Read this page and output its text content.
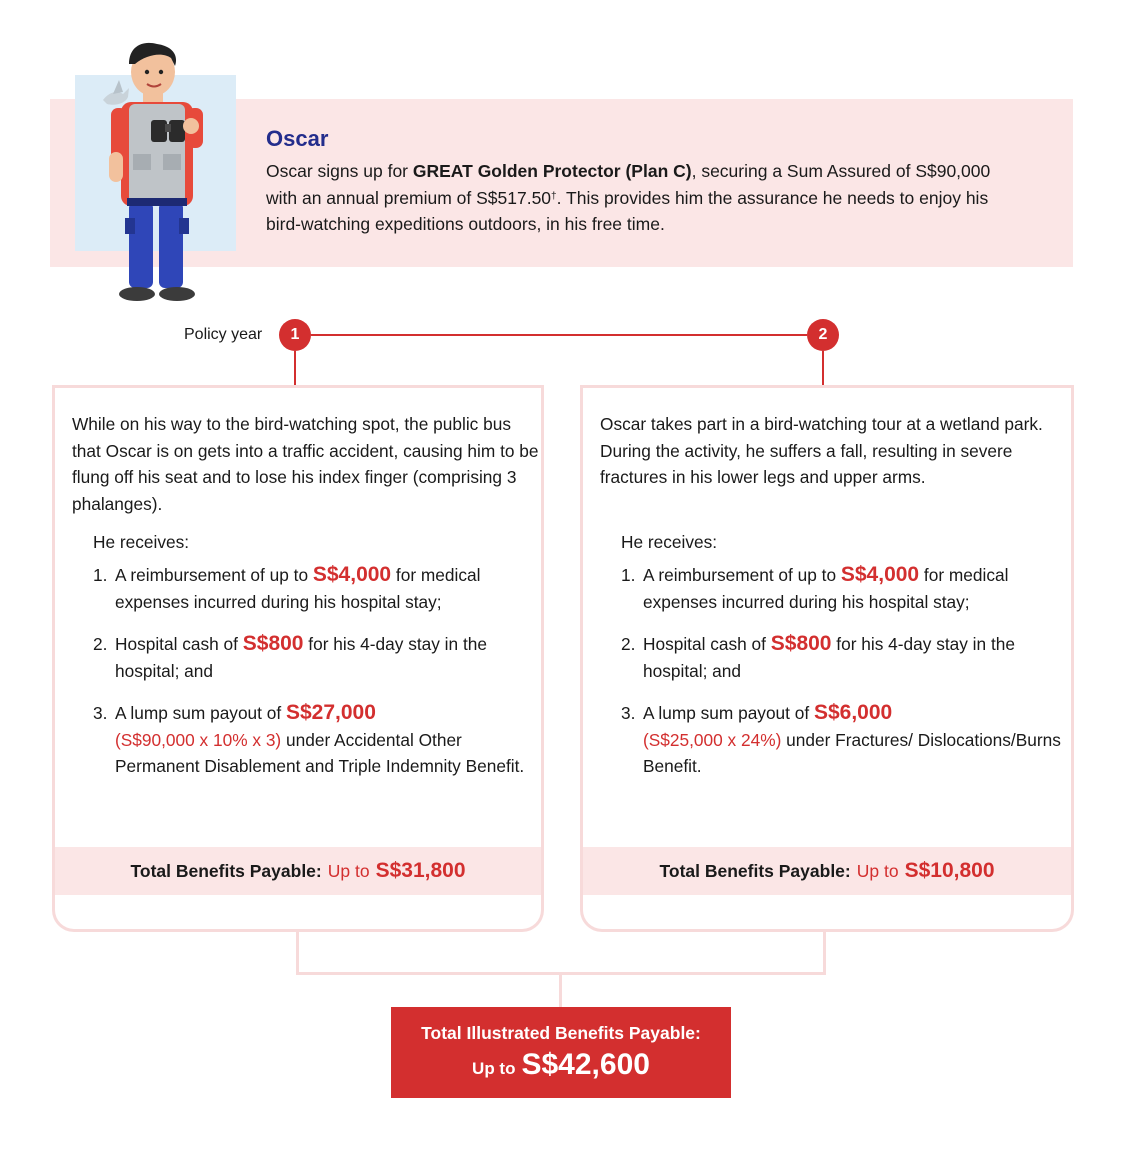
Oscar
Oscar signs up for GREAT Golden Protector (Plan C), securing a Sum Assured of S$90,000 with an annual premium of S$517.50†. This provides him the assurance he needs to enjoy his bird-watching expeditions outdoors, in his free time.
Policy year	1	2
While on his way to the bird-watching spot, the public bus that Oscar is on gets into a traffic accident, causing him to be flung off his seat and to lose his index finger (comprising 3 phalanges).
He receives:
1. A reimbursement of up to S$4,000 for medical expenses incurred during his hospital stay;
2. Hospital cash of S$800 for his 4-day stay in the hospital; and
3. A lump sum payout of S$27,000
(S$90,000 x 10% x 3) under Accidental Other Permanent Disablement and Triple Indemnity Benefit.
Total Benefits Payable: Up to S$31,800
Oscar takes part in a bird-watching tour at a wetland park. During the activity, he suffers a fall, resulting in severe fractures in his lower legs and upper arms.
He receives:
1. A reimbursement of up to S$4,000 for medical expenses incurred during his hospital stay;
2. Hospital cash of S$800 for his 4-day stay in the hospital; and
3. A lump sum payout of S$6,000
(S$25,000 x 24%) under Fractures/ Dislocations/Burns Benefit.
Total Benefits Payable: Up to S$10,800
Total Illustrated Benefits Payable:
Up to S$42,600
